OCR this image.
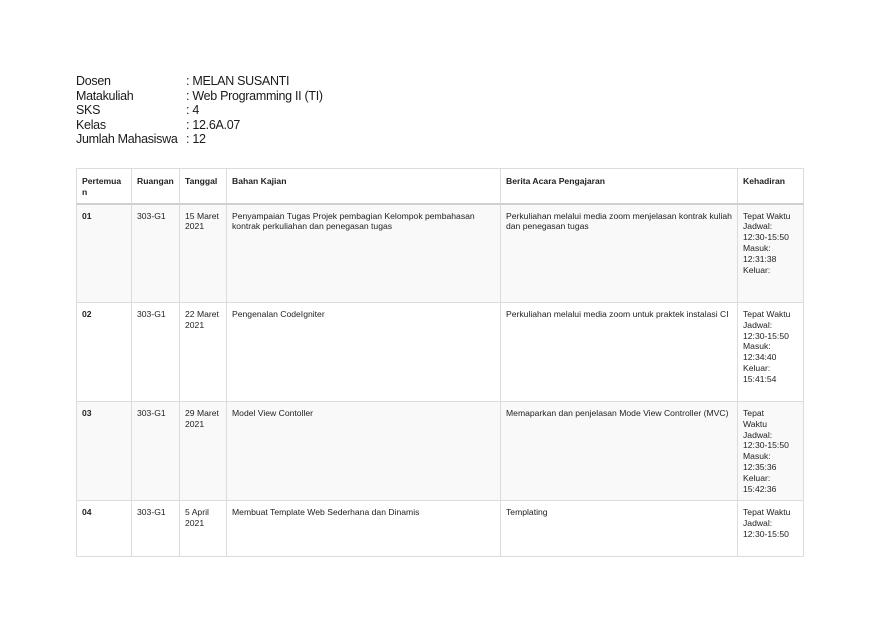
Dosen	: MELAN SUSANTI
Matakuliah	: Web Programming II (TI)
SKS	: 4
Kelas	: 12.6A.07
Jumlah Mahasiswa	: 12
Pertemuan	Ruangan	Tanggal	Bahan Kajian	Berita Acara Pengajaran	Kehadiran
01	303-G1	15 Maret 2021	Penyampaian Tugas Projek pembagian Kelompok pembahasan kontrak perkuliahan dan penegasan tugas	Perkuliahan melalui media zoom menjelasan kontrak kuliah dan penegasan tugas	Tepat Waktu
Jadwal: 12:30-15:50
Masuk: 12:31:38
Keluar:

02	303-G1	22 Maret 2021	Pengenalan CodeIgniter	Perkuliahan melalui media zoom untuk praktek instalasi CI	Tepat Waktu
Jadwal: 12:30-15:50
Masuk: 12:34:40
Keluar: 15:41:54

03	303-G1	29 Maret 2021	Model View Contoller	Memaparkan dan penjelasan Mode View Controller (MVC)	Tepat
Waktu
Jadwal: 12:30-15:50
Masuk: 12:35:36
Keluar: 15:42:36

04	303-G1	5 April 2021	Membuat Template Web Sederhana dan Dinamis	Templating	Tepat Waktu
Jadwal: 12:30-15:50
